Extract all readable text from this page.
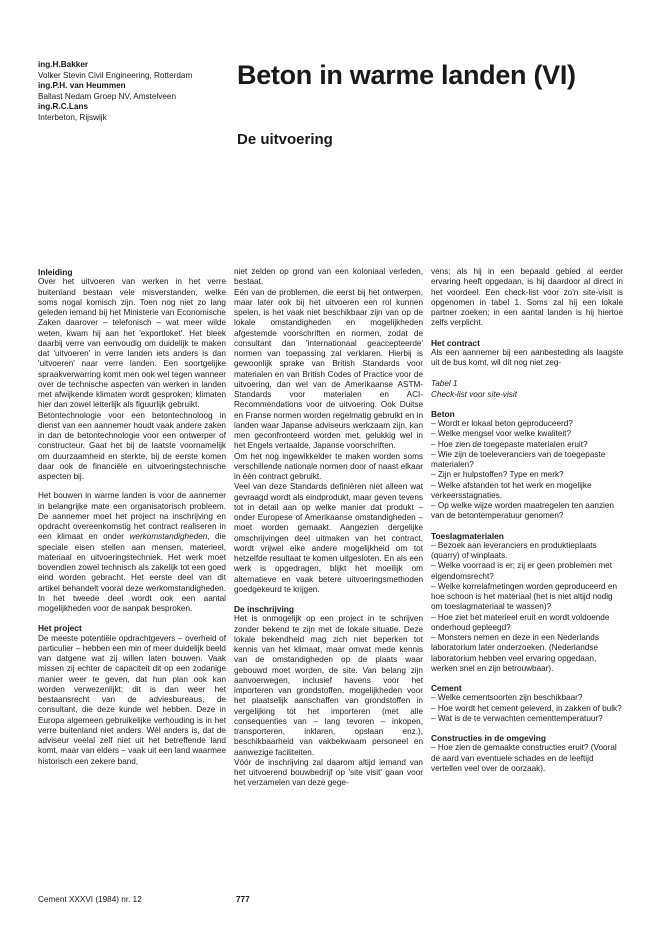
ing.H.Bakker
Volker Stevin Civil Engineering, Rotterdam
ing.P.H. van Heummen
Ballast Nedam Groep NV, Amstelveen
ing.R.C.Lans
Interbeton, Rijswijk
Beton in warme landen (VI)
De uitvoering
Inleiding

Over het uitvoeren van werken in het verre buitenland bestaan vele misverstanden, welke soms nogal komisch zijn. Toen nog niet zo lang geleden iemand bij het Ministerie van Economische Zaken daarover – telefonisch – wat meer wilde weten, kwam hij aan het 'exportloket'. Het bleek daarbij verre van eenvoudig om duidelijk te maken dat 'uitvoeren' in verre landen iets anders is dan 'uitvoeren' naar verre landen. Een soortgelijke spraakverwarring komt men ook wel tegen wanneer over de technische aspecten van werken in landen met afwijkende klimaten wordt gesproken; klimaten hier dan zowel letterlijk als figuurlijk gebruikt.

Betontechnologie voor een betontechnoloog in dienst van een aannemer houdt vaak andere zaken in dan de betontechnologie voor een ontwerper of constructeur. Gaat het bij de laatste voornamelijk om duurzaamheid en sterkte, bij de eerste komen daar ook de financiële en uitvoeringstechnische aspecten bij.

Het bouwen in warme landen is voor de aannemer in belangrijke mate een organisatorisch probleem. De aannemer moet het project na inschrijving en opdracht overeenkomstig het contract realiseren in een klimaat en onder werkomstandigheden, die speciale eisen stellen aan mensen, materieel, materiaal en uitvoeringstechniek. Het werk moet bovendien zowel technisch als zakelijk tot een goed eind worden gebracht. Het eerste deel van dit artikel behandelt vooral deze werkomstandigheden. In het tweede deel wordt ook een aantal mogelijkheden voor de aanpak besproken.

Het project

De meeste potentiële opdrachtgevers – overheid of particulier – hebben een min of meer duidelijk beeld van datgene wat zij willen laten bouwen. Vaak missen zij echter de capaciteit dit op een zodanige manier weer te geven, dat hun plan ook kan worden verwezenlijkt; dit is dan weer het bestaansrecht van de adviesbureaus, de consultant, die deze kunde wel hebben. Deze in Europa algemeen gebruikelijke verhouding is in het verre buitenland niet anders. Wèl anders is, dat de adviseur veelal zelf niet uit het betreffende land komt, maar van elders – vaak uit een land waarmee historisch een zekere band,

niet zelden op grond van een koloniaal verleden, bestaat.

Eén van de problemen, die eerst bij het ontwerpen, maar later ook bij het uitvoeren een rol kunnen spelen, is het vaak niet beschikbaar zijn van op de lokale omstandigheden en mogelijkheden afgestemde voorschriften en normen, zodat de consultant dan 'internationaal geaccepteerde' normen van toepassing zal verklaren. Hierbij is gewoonlijk sprake van British Standards voor materialen en van British Codes of Practice voor de uitvoering, dan wel van de Amerikaanse ASTM-Standards voor materialen en ACI-Recommendations voor de uitvoering. Ook Duitse en Franse normen worden regelmatig gebruikt en in landen waar Japanse adviseurs werkzaam zijn, kan men geconfronteerd worden met, gelukkig wel in het Engels vertaalde, Japanse voorschriften.

Om het nog ingewikkelder te maken worden soms verschillende nationale normen door of naast elkaar in één contract gebruikt.

Veel van deze Standards definiëren niet alleen wat gevraagd wordt als eindprodukt, maar geven tevens tot in detail aan op welke manier dat produkt – onder Europese of Amerikaanse omstandigheden – moet worden gemaakt. Aangezien dergelijke omschrijvingen deel uitmaken van het contract, wordt vrijwel elke andere mogelijkheid om tot hetzelfde resultaat te komen uitgesloten. En als een werk is opgedragen, blijkt het moeilijk om alternatieve en vaak betere uitvoeringsmethoden goedgekeurd te krijgen.

De inschrijving

Het is onmogelijk op een project in te schrijven zonder bekend te zijn met de lokale situatie. Deze lokale bekendheid mag zich niet beperken tot kennis van het klimaat, maar omvat mede kennis van de omstandigheden op de plaats waar gebouwd moet worden, de site. Van belang zijn aanvoerwegen, inclusief havens voor het importeren van grondstoffen, mogelijkheden voor het plaatselijk aanschaffen van grondstoffen in vergelijking tot het importeren (met alle consequenties van – lang tevoren – inkopen, transporteren, inklaren, opslaan enz.), beschikbaarheid van vakbekwaam personeel en aanwezige faciliteiten.

Vóór de inschrijving zal daarom altijd iemand van het uitvoerend bouwbedrijf op 'site visit' gaan voor het verzamelen van deze gege-

vens; als hij in een bepaald gebied al eerder ervaring heeft opgedaan, is hij daardoor al direct in het voordeel. Een check-list voor zo'n site-visit is opgenomen in tabel 1. Soms zal hij een lokale partner zoeken; in een aantal landen is hij hiertoe zelfs verplicht.

Het contract

Als een aannemer bij een aanbesteding als laagste uit de bus komt, wil dit nog niet zeg-

Tabel 1
Check-list voor site-visit
Beton

– Wordt er lokaal beton geproduceerd?

– Welke mengsel voor welke kwaliteit?

– Hoe zien de toegepaste materialen eruit?

– Wie zijn de toeleveranciers van de toegepaste materialen?

– Zijn er hulpstoffen? Type en merk?

– Welke afstanden tot het werk en mogelijke verkeersstagnaties.

– Op welke wijze worden maatregelen ten aanzien van de betontemperatuur genomen?

Toeslagmaterialen

– Bezoek aan leveranciers en produktieplaats (quarry) of winplaats.

– Welke voorraad is er; zij er geen problemen met eigendomsrecht?

– Welke korrelafmetingen worden geproduceerd en hoe schoon is het materiaal (het is niet altijd nodig om toeslagmateriaal te wassen)?

– Hoe ziet het materieel eruit en wordt voldoende onderhoud gepleegd?

– Monsters nemen en deze in een Nederlands laboratorium later onderzoeken. (Nederlandse laboratorium hebben veel ervaring opgedaan, werken snel en zijn betrouwbaar).

Cement

– Welke cementsoorten zijn beschikbaar?

– Hoe wordt het cement geleverd, in zakken of bulk?

– Wat is de te verwachten cementtemperatuur?

Constructies in de omgeving

– Hoe zien de gemaakte constructies eruit? (Vooral de aard van eventuele schades en de leeftijd vertellen veel over de oorzaak).

Cement XXXVI (1984) nr. 12	777
